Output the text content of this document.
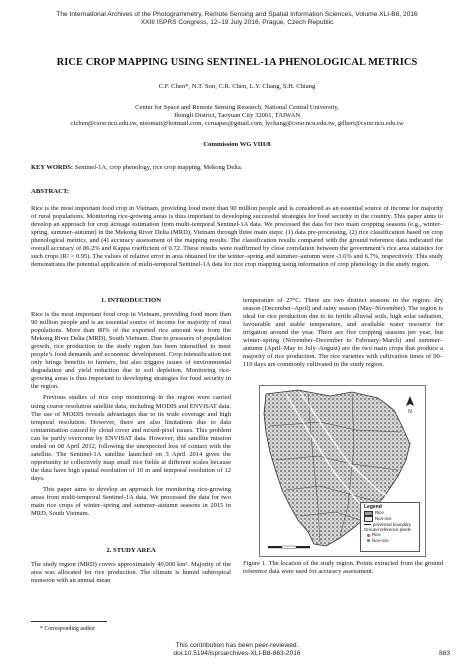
The International Archives of the Photogrammetry, Remote Sensing and Spatial Information Sciences, Volume XLI-B8, 2016
XXIII ISPRS Congress, 12–19 July 2016, Prague, Czech Republic
RICE CROP MAPPING USING SENTINEL-1A PHENOLOGICAL METRICS
C.F. Chen*, N.T. Son, C.R. Chen, L.Y. Chang, S.H. Chiang
Center for Space and Remote Sensing Research, National Central University,
Jhongli District, Taoyuan City 32001, TAIWAN
cfchen@csrsr.ncu.edu.tw, ntsomait@hotmail.com, ccruapes@gmail.com, lychang@csrsr.ncu.edu.tw, gilbert@csrsr.ncu.edu.tw
Commission WG VIII/8
KEY WORDS: Sentinel-1A, crop phenology, rice crop mapping, Mekong Delta.
ABSTRACT:
Rice is the most important food crop in Vietnam, providing food more than 90 million people and is considered as an essential source of income for majority of rural populations. Monitoring rice-growing areas is thus important to developing successful strategies for food security in the country. This paper aims to develop an approach for crop acreage estimation from multi-temporal Sentinel-1A data. We processed the data for two main cropping seasons (e.g., winter–spring, summer–autumn) in the Mekong River Delta (MRD), Vietnam through three main steps: (1) data pre-processing, (2) rice classification based on crop phenological metrics, and (4) accuracy assessment of the mapping results. The classification results compared with the ground reference data indicated the overall accuracy of 86.2% and Kappa coefficient of 0.72. These results were reaffirmed by close correlation between the government’s rice area statistics for such crops (R² > 0.95). The values of relative error in area obtained for the winter–spring and summer–autumn were -3.6% and 6.7%, respectively. This study demonstrates the potential application of multi-temporal Sentinel-1A data for rice crop mapping using information of crop phenology in the study region.
1. INTRODUCTION

Rice is the most important food crop in Vietnam, providing food more than 90 million people and is an essential source of income for majority of rural populations. More than 80% of the exported rice amount was from the Mekong River Delta (MRD), South Vietnam. Due to pressures of population growth, rice production in the study region has been intensified to meet people’s food demands and economic development. Crop intensification not only brings benefits to farmers, but also triggers issues of environmental degradation and yield reduction due to soil depletion. Monitoring rice-growing areas is thus important to developing strategies for food security in the region.

Previous studies of rice crop monitoring in the region were carried using coarse resolution satellite data, including MODIS and ENVISAT data. The use of MODIS reveals advantages due to its wide coverage and high temporal resolution. However, there are also limitations due to data contamination caused by cloud cover and mixed-pixel issues. This problem can be partly overcome by ENVISAT data. However, this satellite mission ended on 08 April 2012, following the unexpected loss of contact with the satellite. The Sentinel-1A satellite launched on 3 April 2014 gives the opportunity to collectively map small rice fields at different scales because the data have high spatial resolution of 10 m and temporal resolution of 12 days.

This paper aims to develop an approach for monitoring rice-growing areas from multi-temporal Sentinel-1A data. We processed the data for two main rice crops of winter–spring and summer–autumn seasons in 2015 in MRD, South Vietnam.

2. STUDY AREA
The study region (MRD) covers approximately 40,000 km². Majority of the area was allocated for rice production. The climate is humid subtropical monsoon with an annual mean
* Corresponding author
temperature of 27°C. There are two distinct seasons in the region: dry season (December–April) and rainy season (May–November). The region is ideal for rice production due to its fertile alluvial soils, high solar radiation, favourable and stable temperature, and available water resource for irrigation around the year. There are five cropping seasons per year, but winter–spring (November–December to February–March) and summer–autumn (April–May to July–August) are the two main crops that produce a majority of rice production. The rice varieties with cultivation times of 90–110 days are commonly cultivated in the study region.
N
Legend
Rice
Non-rice
provincial boundary
Ground reference pixels
Rice
Non-rice
Figure 1. The location of the study region. Points extracted from the ground reference data were used for accuracy assessment.
This contribution has been peer-reviewed.
doi:10.5194/isprsarchives-XLI-B8-863-2016	863
